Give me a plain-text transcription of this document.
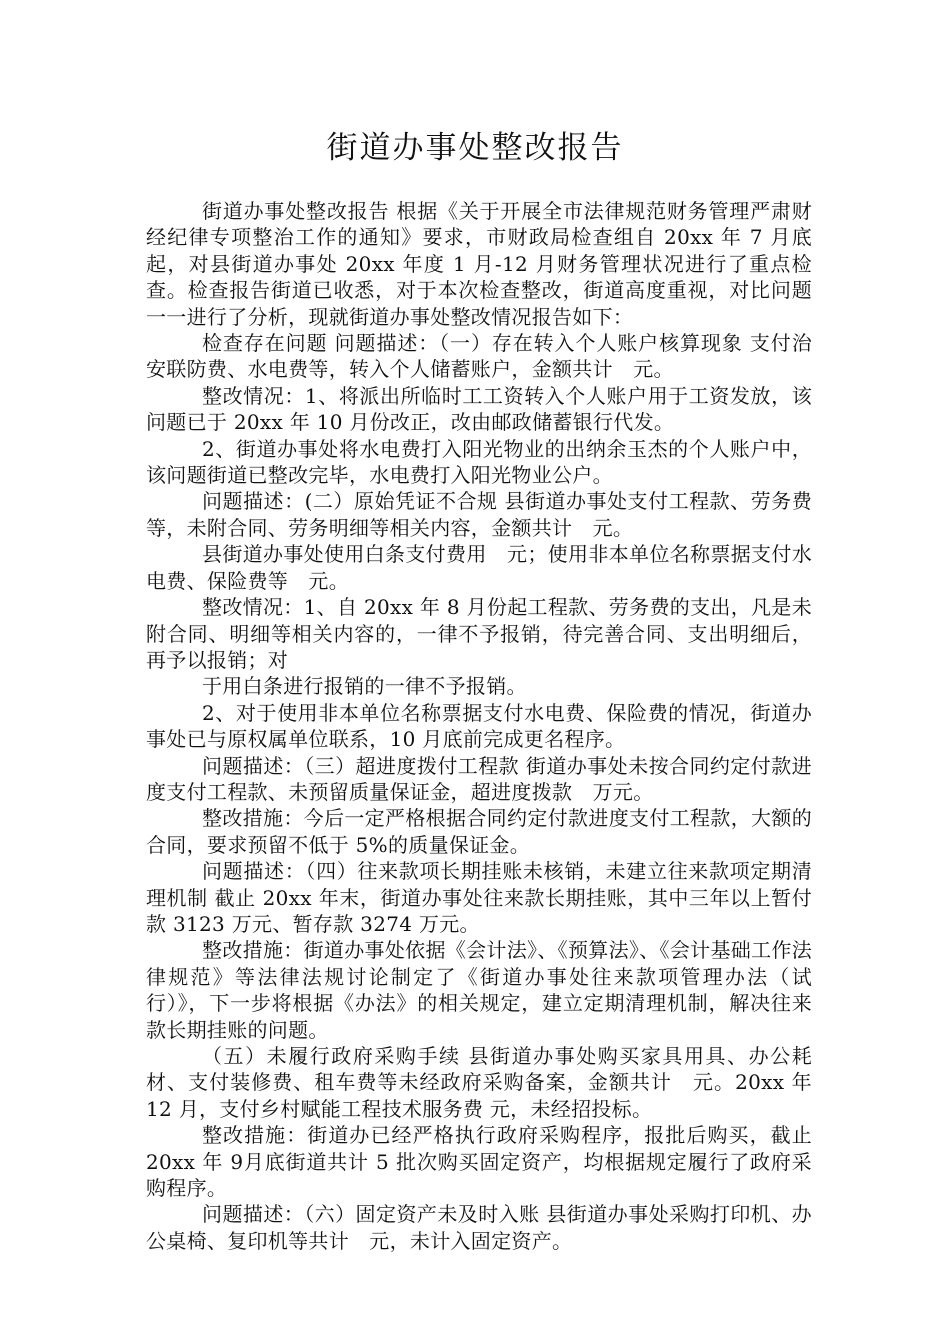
街道办事处整改报告

街道办事处整改报告 根据《关于开展全市法律规范财务管理严肃财经纪律专项整治工作的通知》要求，市财政局检查组自 20xx 年 7 月底起，对县街道办事处 20xx 年度 1 月-12 月财务管理状况进行了重点检查。检查报告街道已收悉，对于本次检查整改，街道高度重视，对比问题一一进行了分析，现就街道办事处整改情况报告如下：

检查存在问题 问题描述：（一）存在转入个人账户核算现象 支付治安联防费、水电费等，转入个人储蓄账户，金额共计　元。

整改情况：1、将派出所临时工工资转入个人账户用于工资发放，该问题已于 20xx 年 10 月份改正，改由邮政储蓄银行代发。

2、街道办事处将水电费打入阳光物业的出纳余玉杰的个人账户中，该问题街道已整改完毕，水电费打入阳光物业公户。

问题描述：(二）原始凭证不合规 县街道办事处支付工程款、劳务费等，未附合同、劳务明细等相关内容，金额共计　元。

县街道办事处使用白条支付费用　元；使用非本单位名称票据支付水电费、保险费等　元。

整改情况：1、自 20xx 年 8 月份起工程款、劳务费的支出，凡是未附合同、明细等相关内容的，一律不予报销，待完善合同、支出明细后，再予以报销；对

于用白条进行报销的一律不予报销。

2、对于使用非本单位名称票据支付水电费、保险费的情况，街道办事处已与原权属单位联系，10 月底前完成更名程序。

问题描述：（三）超进度拨付工程款 街道办事处未按合同约定付款进度支付工程款、未预留质量保证金，超进度拨款　万元。

整改措施：今后一定严格根据合同约定付款进度支付工程款，大额的合同，要求预留不低于 5%的质量保证金。

问题描述：（四）往来款项长期挂账未核销，未建立往来款项定期清理机制 截止 20xx 年末，街道办事处往来款长期挂账，其中三年以上暂付款 3123 万元、暂存款 3274 万元。

整改措施：街道办事处依据《会计法》、《预算法》、《会计基础工作法律规范》等法律法规讨论制定了《街道办事处往来款项管理办法（试行）》，下一步将根据《办法》的相关规定，建立定期清理机制，解决往来款长期挂账的问题。

（五）未履行政府采购手续 县街道办事处购买家具用具、办公耗材、支付装修费、租车费等未经政府采购备案，金额共计　元。20xx 年 12 月，支付乡村赋能工程技术服务费 元，未经招投标。

整改措施：街道办已经严格执行政府采购程序，报批后购买，截止 20xx 年 9月底街道共计 5 批次购买固定资产，均根据规定履行了政府采购程序。

问题描述：（六）固定资产未及时入账 县街道办事处采购打印机、办公桌椅、复印机等共计　元，未计入固定资产。
